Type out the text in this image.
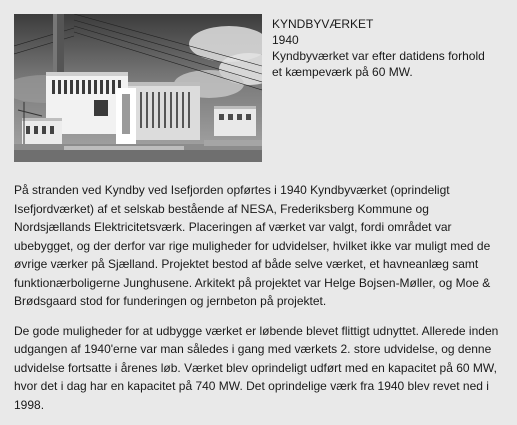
KYNDBYVÆRKET
1940
Kyndbyværket var efter datidens forhold
et kæmpeværk på 60 MW.

På stranden ved Kyndby ved Isefjorden opførtes i 1940 Kyndbyværket (oprindeligt Isefjordværket) af et selskab bestående af NESA, Frederiksberg Kommune og Nordsjællands Elektricitetsværk. Placeringen af værket var valgt, fordi området var ubebygget, og der derfor var rige muligheder for udvidelser, hvilket ikke var muligt med de øvrige værker på Sjælland. Projektet bestod af både selve værket, et havneanlæg samt funktionærboligerne Junghusene. Arkitekt på projektet var Helge Bojsen-Møller, og Moe & Brødsgaard stod for funderingen og jernbeton på projektet.

De gode muligheder for at udbygge værket er løbende blevet flittigt udnyttet. Allerede inden udgangen af 1940'erne var man således i gang med værkets 2. store udvidelse, og denne udvidelse fortsatte i årenes løb. Værket blev oprindeligt udført med en kapacitet på 60 MW, hvor det i dag har en kapacitet på 740 MW. Det oprindelige værk fra 1940 blev revet ned i 1998.
